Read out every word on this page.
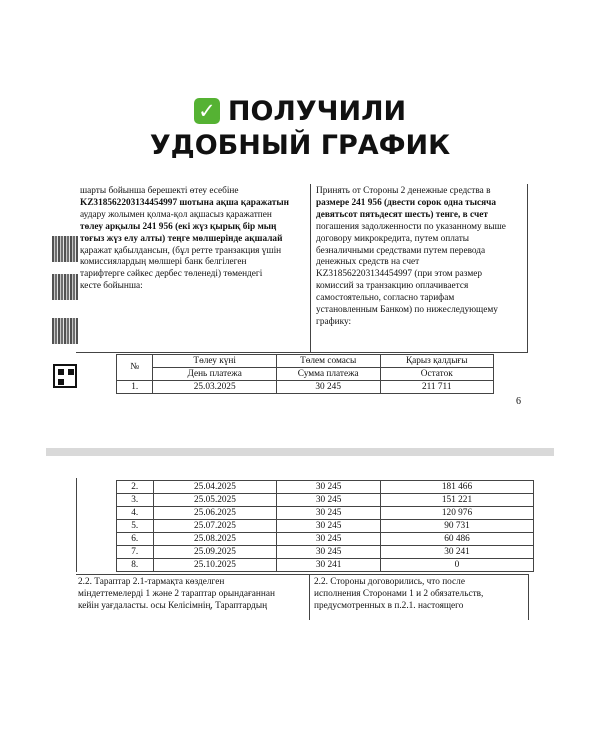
✓ ПОЛУЧИЛИ
УДОБНЫЙ ГРАФИК
шарты бойынша берешекті өтеу есебіне
KZ318562203134454997 шотына ақша қаражатын
аудару жолымен қолма-қол ақшасыз қаражатпен
төлеу арқылы 241 956 (екі жүз қырық бір мың
тоғыз жүз елу алты) теңге мөлшерінде ақшалай
қаражат қабылдансын, (бұл ретте транзакция үшін
комиссиялардың мөлшері банк белгілеген
тарифтерге сәйкес дербес төленеді) төмендегі
кесте бойынша:
Принять от Стороны 2 денежные средства в
размере 241 956 (двести сорок одна тысяча
девятьсот пятьдесят шесть) тенге, в счет
погашения задолженности по указанному выше
договору микрокредита, путем оплаты
безналичными средствами путем перевода
денежных средств на счет
KZ318562203134454997 (при этом размер
комиссий за транзакцию оплачивается
самостоятельно, согласно тарифам
установленным Банком) по нижеследующему
графику:
№	Төлеу күні	Төлем сомасы	Қарыз қалдығы
	День платежа	Сумма платежа	Остаток
1.	25.03.2025	30 245	211 711
6
2.	25.04.2025	30 245	181 466
3.	25.05.2025	30 245	151 221
4.	25.06.2025	30 245	120 976
5.	25.07.2025	30 245	90 731
6.	25.08.2025	30 245	60 486
7.	25.09.2025	30 245	30 241
8.	25.10.2025	30 241	0
2.2. Тараптар 2.1-тармақта көзделген
міндеттемелерді 1 және 2 тараптар орындағаннан
кейін уағдаласты. осы Келісімнің, Тараптардың
2.2. Стороны договорились, что после
исполнения Сторонами 1 и 2 обязательств,
предусмотренных в п.2.1. настоящего
